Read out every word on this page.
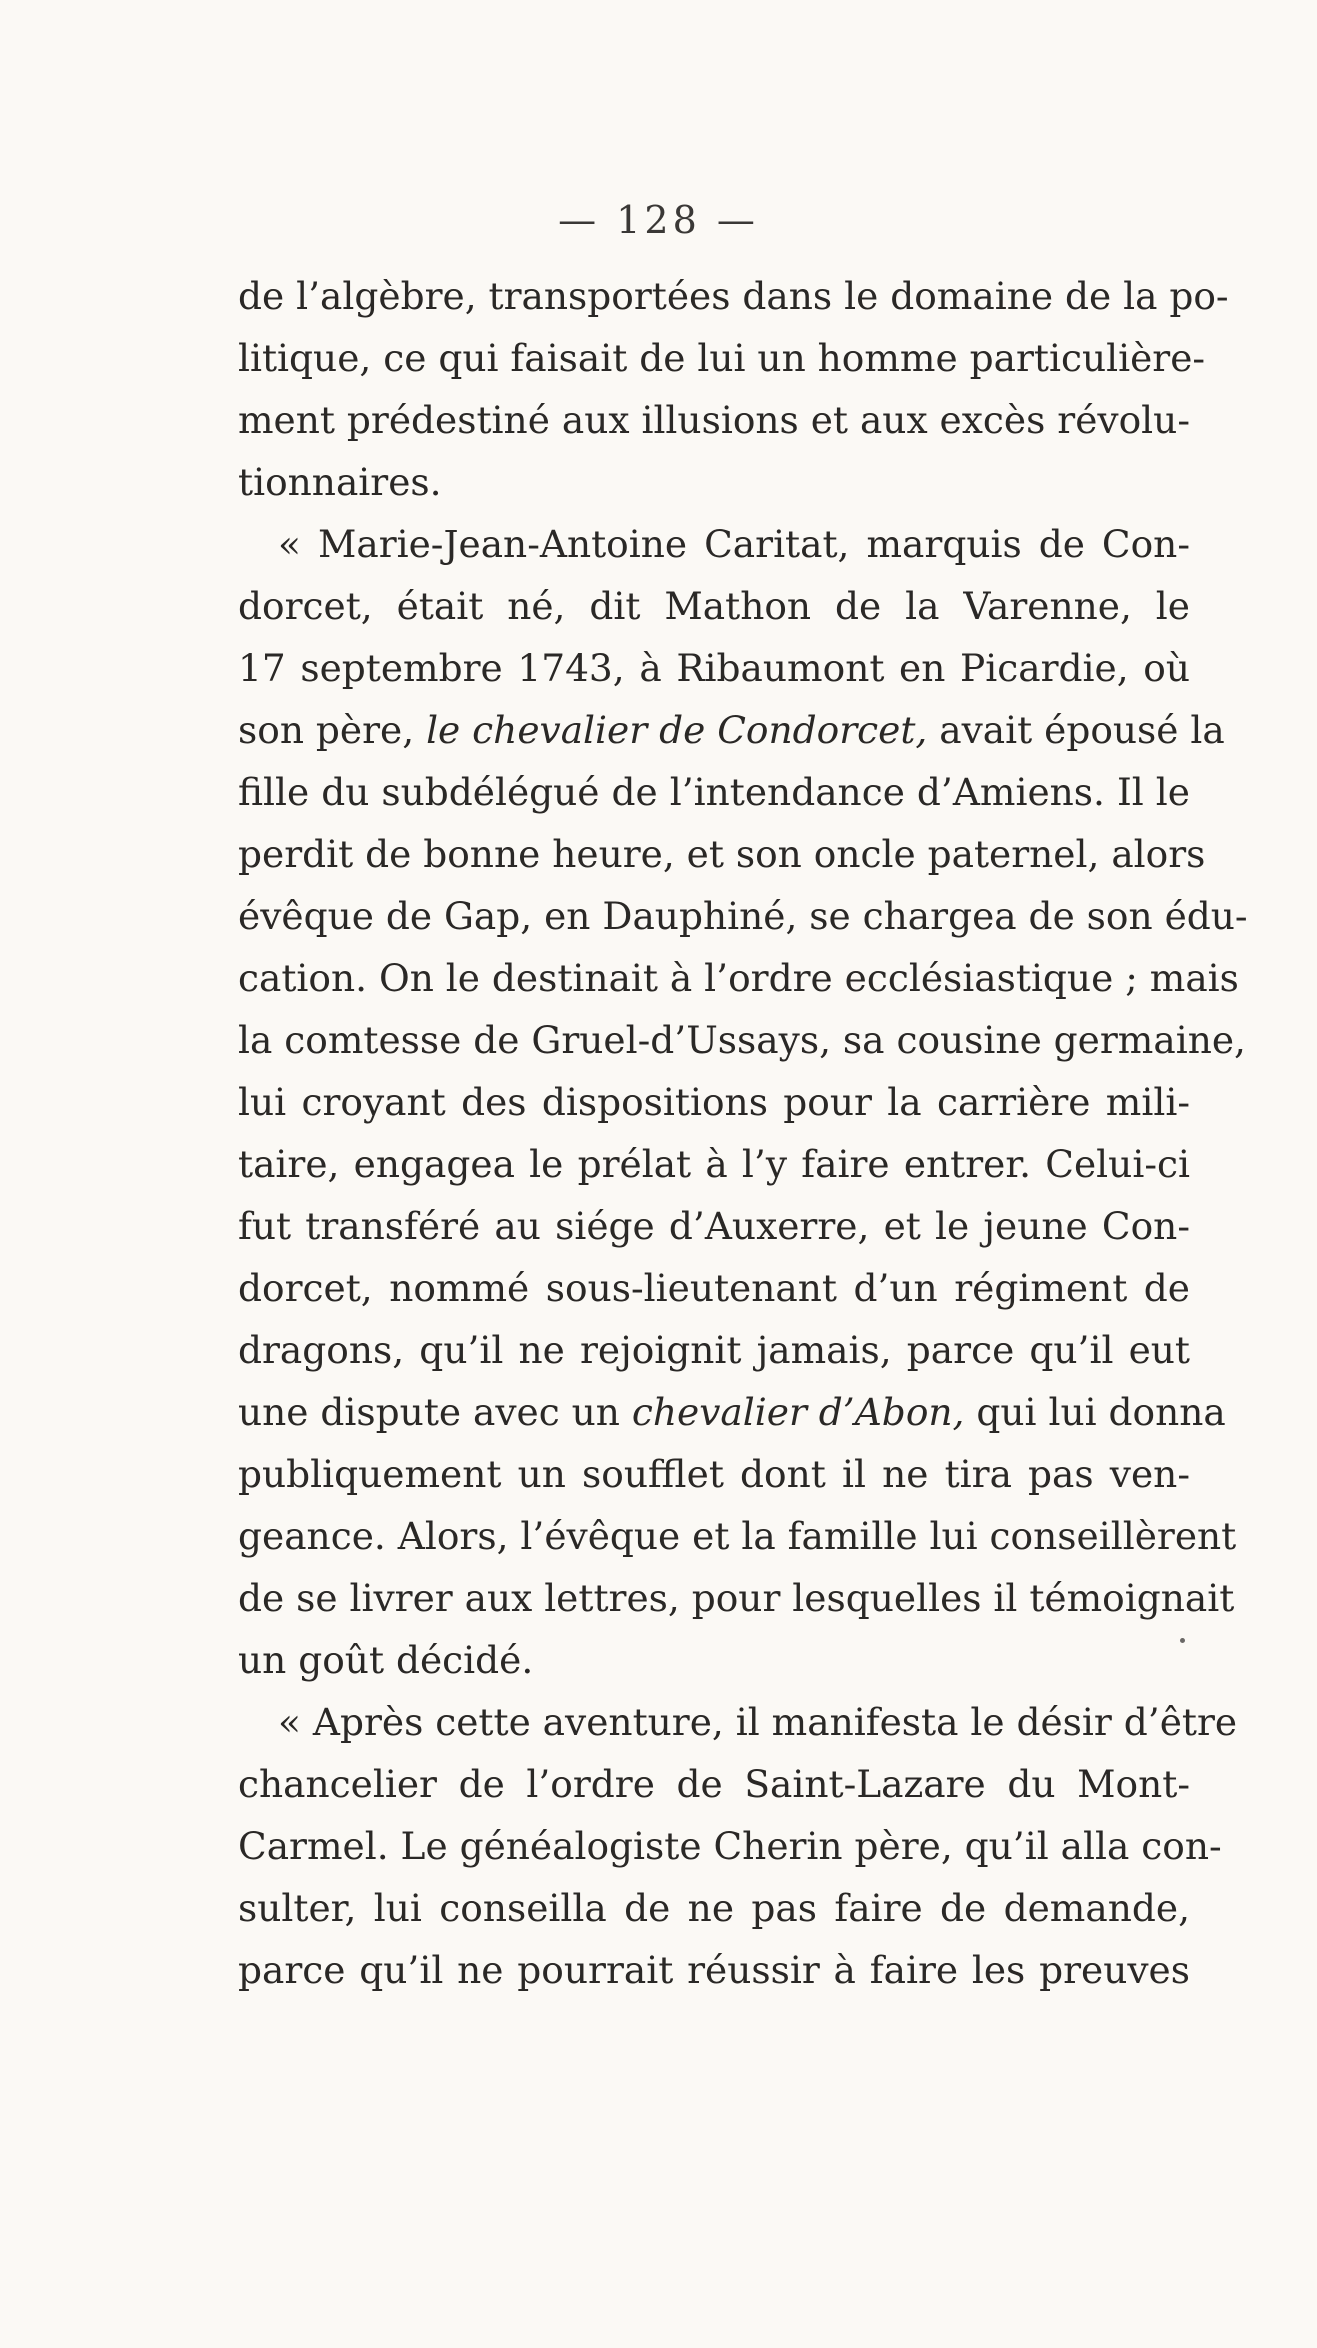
— 128 —
de l’algèbre, transportées dans le domaine de la po-
litique, ce qui faisait de lui un homme particulière-
ment prédestiné aux illusions et aux excès révolu-
tionnaires.
« Marie-Jean-Antoine Caritat, marquis de Con-
dorcet, était né, dit Mathon de la Varenne, le
17 septembre 1743, à Ribaumont en Picardie, où
son père, le chevalier de Condorcet, avait épousé la
fille du subdélégué de l’intendance d’Amiens. Il le
perdit de bonne heure, et son oncle paternel, alors
évêque de Gap, en Dauphiné, se chargea de son édu-
cation. On le destinait à l’ordre ecclésiastique ; mais
la comtesse de Gruel-d’Ussays, sa cousine germaine,
lui croyant des dispositions pour la carrière mili-
taire, engagea le prélat à l’y faire entrer. Celui-ci
fut transféré au siége d’Auxerre, et le jeune Con-
dorcet, nommé sous-lieutenant d’un régiment de
dragons, qu’il ne rejoignit jamais, parce qu’il eut
une dispute avec un chevalier d’Abon, qui lui donna
publiquement un soufflet dont il ne tira pas ven-
geance. Alors, l’évêque et la famille lui conseillèrent
de se livrer aux lettres, pour lesquelles il témoignait
un goût décidé.
« Après cette aventure, il manifesta le désir d’être
chancelier de l’ordre de Saint-Lazare du Mont-
Carmel. Le généalogiste Cherin père, qu’il alla con-
sulter, lui conseilla de ne pas faire de demande,
parce qu’il ne pourrait réussir à faire les preuves
